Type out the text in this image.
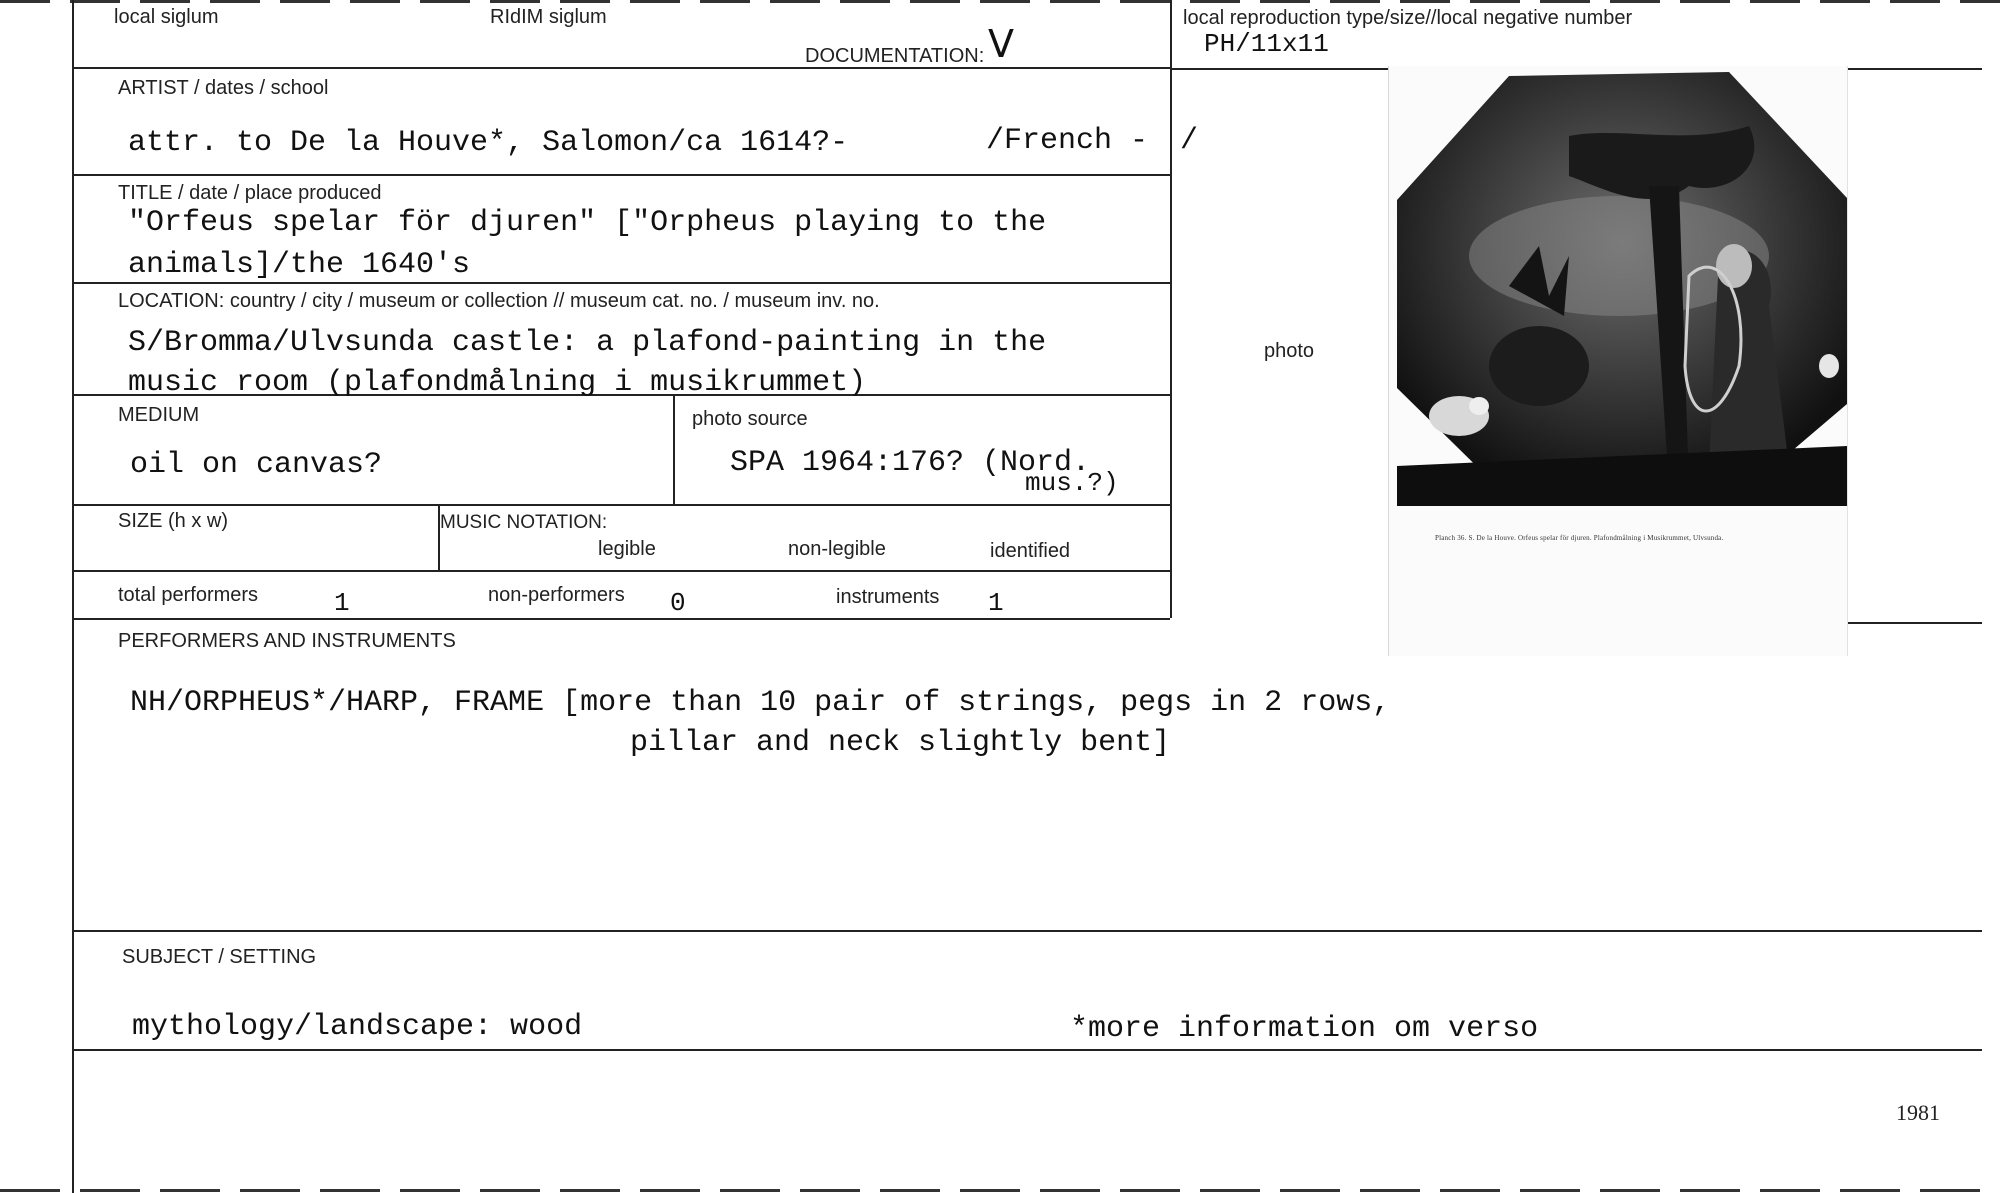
local siglum	RIdIM siglum
DOCUMENTATION: V
local reproduction type/size//local negative number
PH/11x11
ARTIST / dates / school
attr. to De la Houve*, Salomon/ca 1614?-	/French - /
TITLE / date / place produced
"Orfeus spelar för djuren" ["Orpheus playing to the
animals]/the 1640's
LOCATION: country / city / museum or collection // museum cat. no. / museum inv. no.
S/Bromma/Ulvsunda castle: a plafond-painting in the
music room (plafondmålning i musikrummet)
MEDIUM
oil on canvas?
photo source
SPA 1964:176? (Nord.
mus.?)
SIZE (h x w)	MUSIC NOTATION:
legible	non-legible	identified
total performers	1	non-performers 0	instruments 1
photo
Planch 36. S. De la Houve. Orfeus spelar för djuren. Plafondmålning i Musikrummet, Ulvsunda.
PERFORMERS AND INSTRUMENTS
NH/ORPHEUS*/HARP, FRAME [more than 10 pair of strings, pegs in 2 rows,
pillar and neck slightly bent]
SUBJECT / SETTING
mythology/landscape: wood	*more information om verso
1981
